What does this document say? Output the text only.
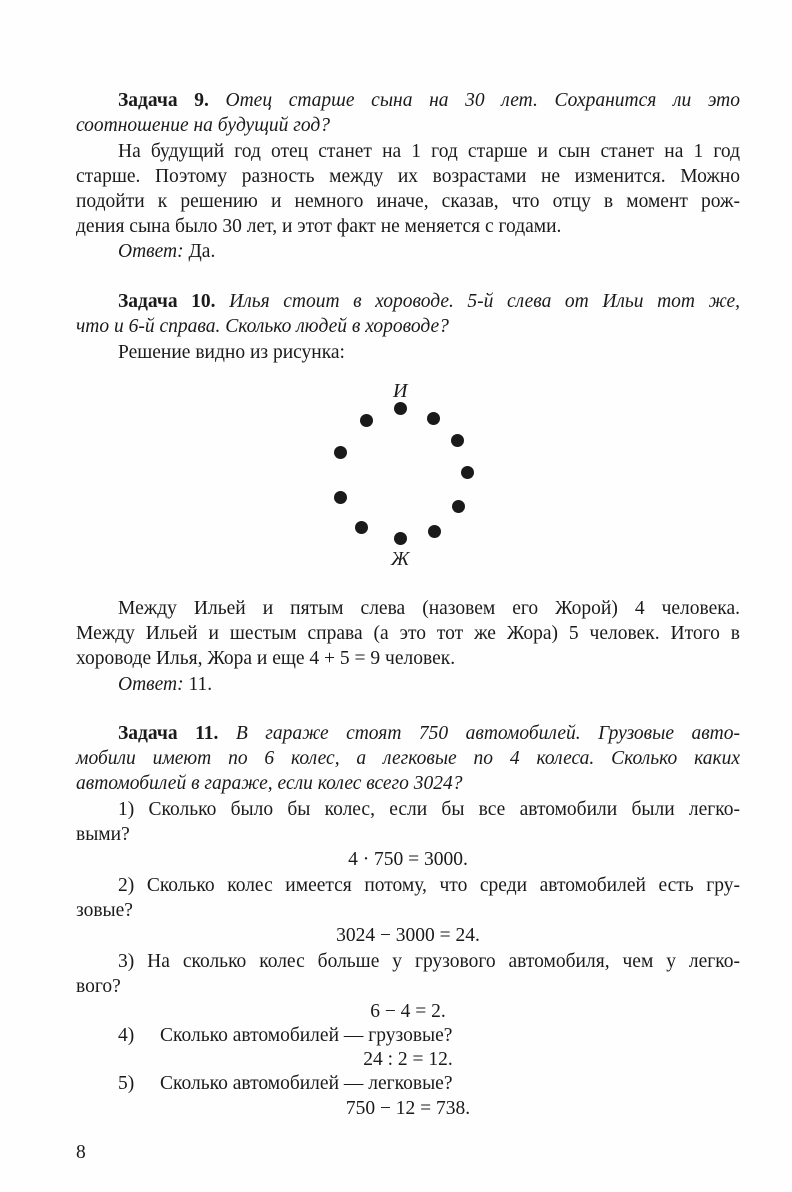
Задача 9. Отец старше сына на 30 лет. Сохранится ли это
соотношение на будущий год?
На будущий год отец станет на 1 год старше и сын станет на 1 год
старше. Поэтому разность между их возрастами не изменится. Можно
подойти к решению и немного иначе, сказав, что отцу в момент рож-
дения сына было 30 лет, и этот факт не меняется с годами.
Ответ: Да.
Задача 10. Илья стоит в хороводе. 5-й слева от Ильи тот же,
что и 6-й справа. Сколько людей в хороводе?
Решение видно из рисунка:
И
Ж
Между Ильей и пятым слева (назовем его Жорой) 4 человека.
Между Ильей и шестым справа (а это тот же Жора) 5 человек. Итого в
хороводе Илья, Жора и еще 4 + 5 = 9 человек.
Ответ: 11.
Задача 11. В гараже стоят 750 автомобилей. Грузовые авто-
мобили имеют по 6 колес, а легковые по 4 колеса. Сколько каких
автомобилей в гараже, если колес всего 3024?
1) Сколько было бы колес, если бы все автомобили были легко-
выми?
4 · 750 = 3000.
2) Сколько колес имеется потому, что среди автомобилей есть гру-
зовые?
3024 − 3000 = 24.
3) На сколько колес больше у грузового автомобиля, чем у легко-
вого?
6 − 4 = 2.
4) Сколько автомобилей — грузовые?
24 : 2 = 12.
5) Сколько автомобилей — легковые?
750 − 12 = 738.
8
